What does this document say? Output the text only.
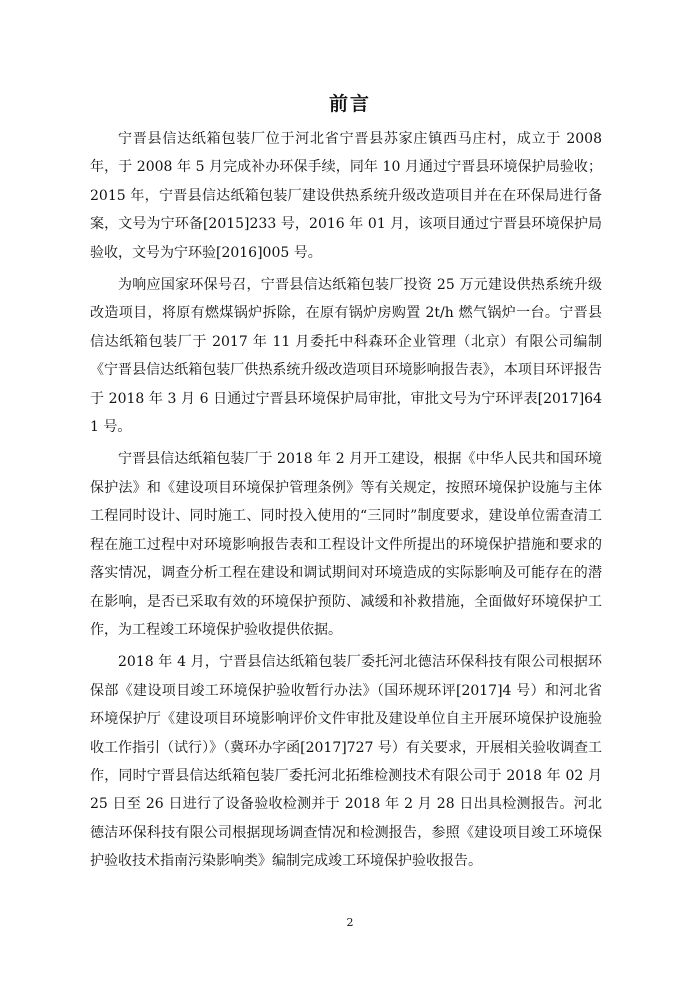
前言

宁晋县信达纸箱包装厂位于河北省宁晋县苏家庄镇西马庄村，成立于 2008 年，于 2008 年 5 月完成补办环保手续，同年 10 月通过宁晋县环境保护局验收；2015 年，宁晋县信达纸箱包装厂建设供热系统升级改造项目并在在环保局进行备案，文号为宁环备[2015]233 号，2016 年 01 月，该项目通过宁晋县环境保护局验收，文号为宁环验[2016]005 号。

为响应国家环保号召，宁晋县信达纸箱包装厂投资 25 万元建设供热系统升级改造项目，将原有燃煤锅炉拆除，在原有锅炉房购置 2t/h 燃气锅炉一台。宁晋县信达纸箱包装厂于 2017 年 11 月委托中科森环企业管理（北京）有限公司编制《宁晋县信达纸箱包装厂供热系统升级改造项目环境影响报告表》，本项目环评报告于 2018 年 3 月 6 日通过宁晋县环境保护局审批，审批文号为宁环评表[2017]641 号。

宁晋县信达纸箱包装厂于 2018 年 2 月开工建设，根据《中华人民共和国环境保护法》和《建设项目环境保护管理条例》等有关规定，按照环境保护设施与主体工程同时设计、同时施工、同时投入使用的“三同时”制度要求，建设单位需查清工程在施工过程中对环境影响报告表和工程设计文件所提出的环境保护措施和要求的落实情况，调查分析工程在建设和调试期间对环境造成的实际影响及可能存在的潜在影响，是否已采取有效的环境保护预防、减缓和补救措施，全面做好环境保护工作，为工程竣工环境保护验收提供依据。

2018 年 4 月，宁晋县信达纸箱包装厂委托河北德洁环保科技有限公司根据环保部《建设项目竣工环境保护验收暂行办法》（国环规环评[2017]4 号）和河北省环境保护厅《建设项目环境影响评价文件审批及建设单位自主开展环境保护设施验收工作指引（试行）》（冀环办字函[2017]727 号）有关要求，开展相关验收调查工作，同时宁晋县信达纸箱包装厂委托河北拓维检测技术有限公司于 2018 年 02 月 25 日至 26 日进行了设备验收检测并于 2018 年 2 月 28 日出具检测报告。河北德洁环保科技有限公司根据现场调查情况和检测报告，参照《建设项目竣工环境保护验收技术指南污染影响类》编制完成竣工环境保护验收报告。

2
